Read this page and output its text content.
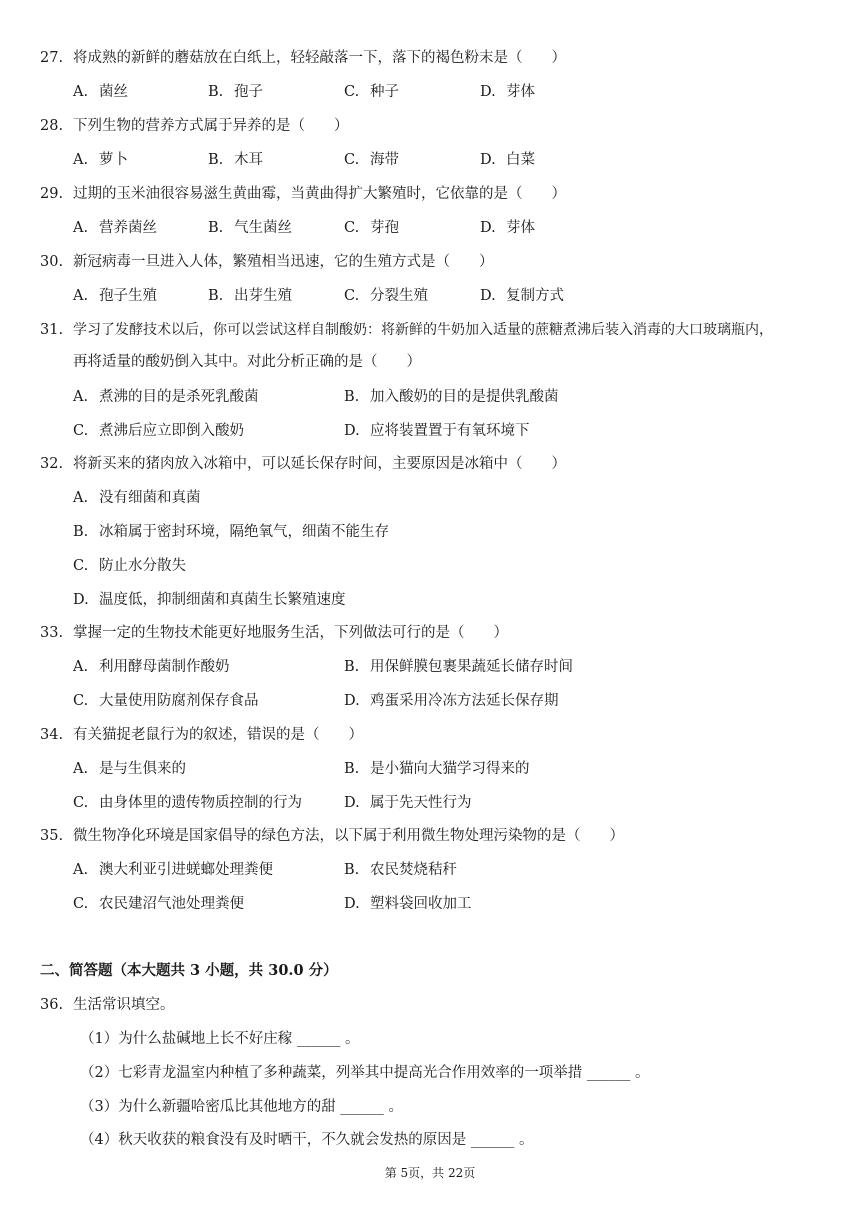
27. 将成熟的新鲜的蘑菇放在白纸上，轻轻敲落一下，落下的褐色粉末是（　　）
A. 菌丝	B. 孢子	C. 种子	D. 芽体
28. 下列生物的营养方式属于异养的是（　　）
A. 萝卜	B. 木耳	C. 海带	D. 白菜
29. 过期的玉米油很容易滋生黄曲霉，当黄曲得扩大繁殖时，它依靠的是（　　）
A. 营养菌丝	B. 气生菌丝	C. 芽孢	D. 芽体
30. 新冠病毒一旦进入人体，繁殖相当迅速，它的生殖方式是（　　）
A. 孢子生殖	B. 出芽生殖	C. 分裂生殖	D. 复制方式
31. 学习了发酵技术以后，你可以尝试这样自制酸奶：将新鲜的牛奶加入适量的蔗糖煮沸后装入消毒的大口玻璃瓶内，
再将适量的酸奶倒入其中。对此分析正确的是（　　）
A. 煮沸的目的是杀死乳酸菌	B. 加入酸奶的目的是提供乳酸菌
C. 煮沸后应立即倒入酸奶	D. 应将装置置于有氧环境下
32. 将新买来的猪肉放入冰箱中，可以延长保存时间，主要原因是冰箱中（　　）
A. 没有细菌和真菌
B. 冰箱属于密封环境，隔绝氧气，细菌不能生存
C. 防止水分散失
D. 温度低，抑制细菌和真菌生长繁殖速度
33. 掌握一定的生物技术能更好地服务生活，下列做法可行的是（　　）
A. 利用酵母菌制作酸奶	B. 用保鲜膜包裹果蔬延长储存时间
C. 大量使用防腐剂保存食品	D. 鸡蛋采用冷冻方法延长保存期
34. 有关猫捉老鼠行为的叙述，错误的是（　　）
A. 是与生俱来的	B. 是小猫向大猫学习得来的
C. 由身体里的遗传物质控制的行为	D. 属于先天性行为
35. 微生物净化环境是国家倡导的绿色方法，以下属于利用微生物处理污染物的是（　　）
A. 澳大利亚引进蜣螂处理粪便	B. 农民焚烧秸秆
C. 农民建沼气池处理粪便	D. 塑料袋回收加工
二、简答题（本大题共 3 小题，共 30.0 分）
36. 生活常识填空。
（1）为什么盐碱地上长不好庄稼 ______ 。
（2）七彩青龙温室内种植了多种蔬菜，列举其中提高光合作用效率的一项举措 ______ 。
（3）为什么新疆哈密瓜比其他地方的甜 ______ 。
（4）秋天收获的粮食没有及时晒干，不久就会发热的原因是 ______ 。
第 5页，共 22页
